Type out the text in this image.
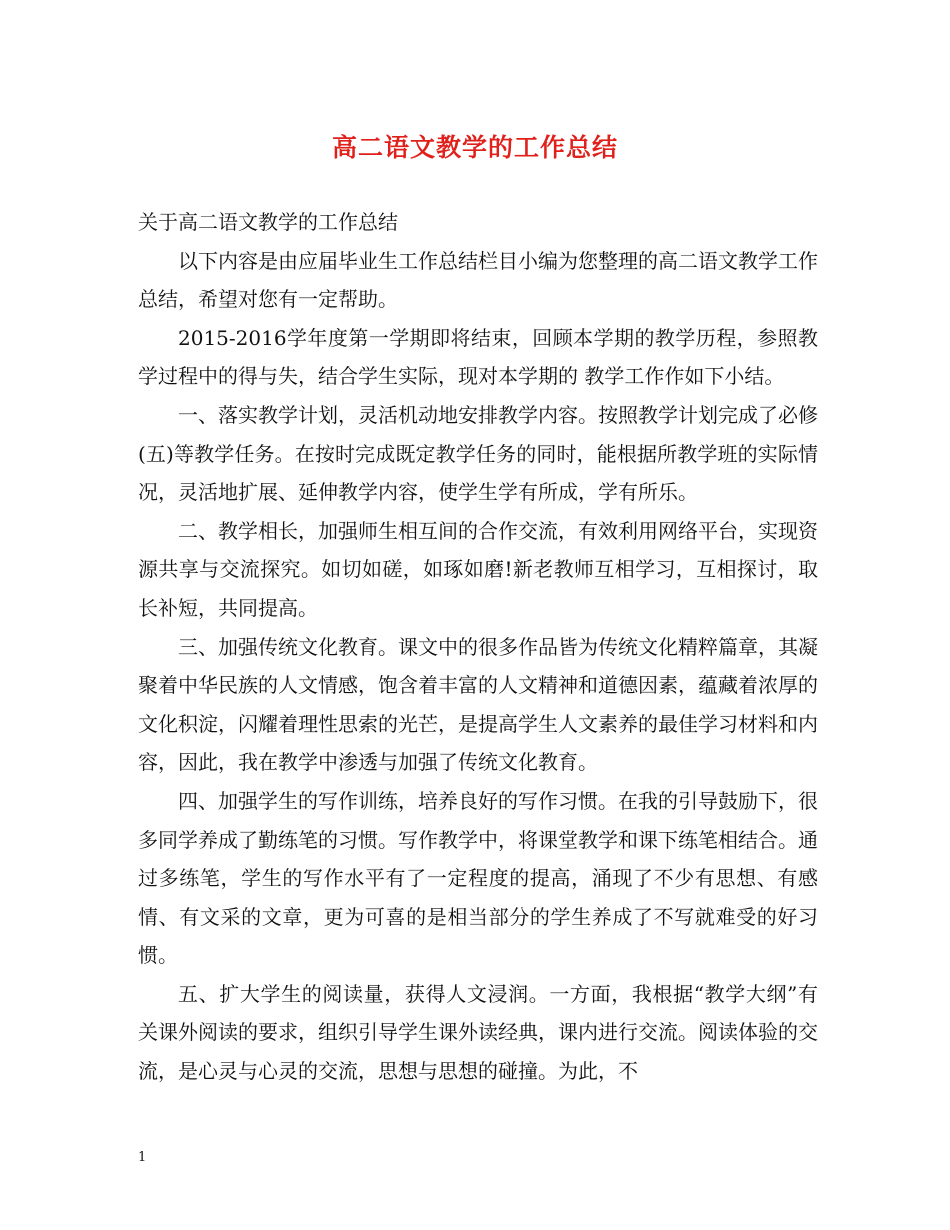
高二语文教学的工作总结

关于高二语文教学的工作总结

以下内容是由应届毕业生工作总结栏目小编为您整理的高二语文教学工作总结，希望对您有一定帮助。

2015-2016学年度第一学期即将结束，回顾本学期的教学历程，参照教学过程中的得与失，结合学生实际，现对本学期的 教学工作作如下小结。

一、落实教学计划，灵活机动地安排教学内容。按照教学计划完成了必修(五)等教学任务。在按时完成既定教学任务的同时，能根据所教学班的实际情况，灵活地扩展、延伸教学内容，使学生学有所成，学有所乐。

二、教学相长，加强师生相互间的合作交流，有效利用网络平台，实现资源共享与交流探究。如切如磋，如琢如磨!新老教师互相学习，互相探讨，取长补短，共同提高。

三、加强传统文化教育。课文中的很多作品皆为传统文化精粹篇章，其凝聚着中华民族的人文情感，饱含着丰富的人文精神和道德因素，蕴藏着浓厚的文化积淀，闪耀着理性思索的光芒，是提高学生人文素养的最佳学习材料和内容，因此，我在教学中渗透与加强了传统文化教育。

四、加强学生的写作训练，培养良好的写作习惯。在我的引导鼓励下，很多同学养成了勤练笔的习惯。写作教学中，将课堂教学和课下练笔相结合。通过多练笔，学生的写作水平有了一定程度的提高，涌现了不少有思想、有感情、有文采的文章，更为可喜的是相当部分的学生养成了不写就难受的好习惯。

五、扩大学生的阅读量，获得人文浸润。一方面，我根据“教学大纲”有关课外阅读的要求，组织引导学生课外读经典，课内进行交流。阅读体验的交流，是心灵与心灵的交流，思想与思想的碰撞。为此，不

1
